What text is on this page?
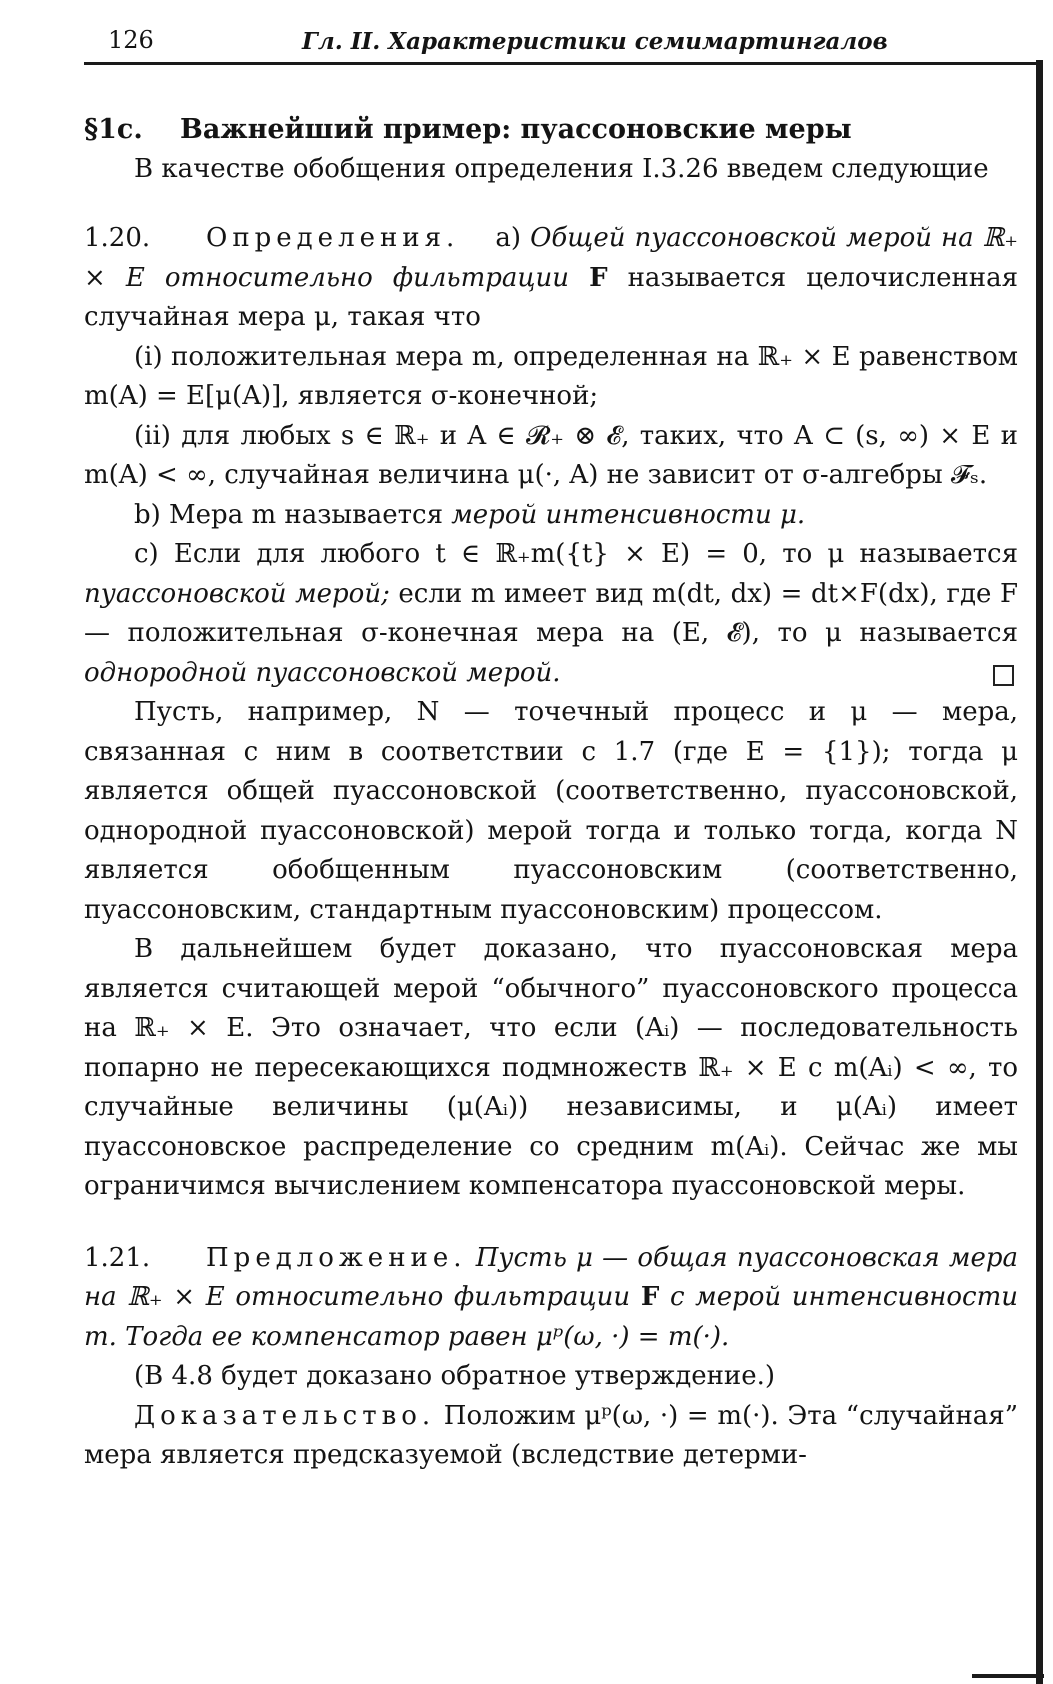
126	Гл. II. Характеристики семимартингалов

§1c. Важнейший пример: пуассоновские меры

В качестве обобщения определения I.3.26 введем следующие

1.20. Определения. a) Общей пуассоновской мерой на ℝ₊ × E относительно фильтрации F называется целочисленная случайная мера μ, такая что

(i) положительная мера m, определенная на ℝ₊ × E равенством m(A) = E[μ(A)], является σ-конечной;

(ii) для любых s ∈ ℝ₊ и A ∈ 𝓡₊ ⊗ 𝓔, таких, что A ⊂ (s, ∞) × E и m(A) < ∞, случайная величина μ(·, A) не зависит от σ-алгебры 𝓕ₛ.

b) Мера m называется мерой интенсивности μ.

c) Если для любого t ∈ ℝ₊m({t} × E) = 0, то μ называется пуассоновской мерой; если m имеет вид m(dt, dx) = dt×F(dx), где F — положительная σ-конечная мера на (E, 𝓔), то μ называется однородной пуассоновской мерой.

Пусть, например, N — точечный процесс и μ — мера, связанная с ним в соответствии с 1.7 (где E = {1}); тогда μ является общей пуассоновской (соответственно, пуассоновской, однородной пуассоновской) мерой тогда и только тогда, когда N является обобщенным пуассоновским (соответственно, пуассоновским, стандартным пуассоновским) процессом.

В дальнейшем будет доказано, что пуассоновская мера является считающей мерой “обычного” пуассоновского процесса на ℝ₊ × E. Это означает, что если (Aᵢ) — последовательность попарно не пересекающихся подмножеств ℝ₊ × E с m(Aᵢ) < ∞, то случайные величины (μ(Aᵢ)) независимы, и μ(Aᵢ) имеет пуассоновское распределение со средним m(Aᵢ). Сейчас же мы ограничимся вычислением компенсатора пуассоновской меры.

1.21. Предложение. Пусть μ — общая пуассоновская мера на ℝ₊ × E относительно фильтрации F с мерой интенсивности m. Тогда ее компенсатор равен μᵖ(ω, ·) = m(·).

(В 4.8 будет доказано обратное утверждение.)

Доказательство. Положим μᵖ(ω, ·) = m(·). Эта “случайная” мера является предсказуемой (вследствие детерми-
